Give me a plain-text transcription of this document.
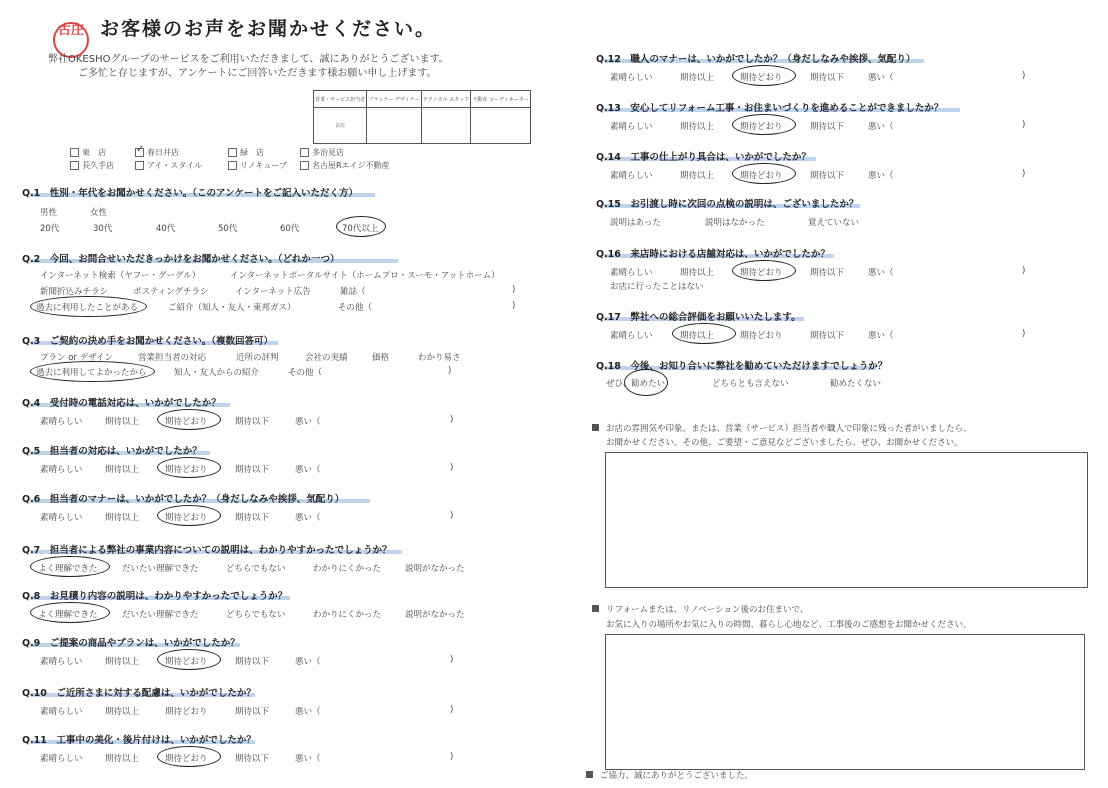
古庄 お客様のお声をお聞かせください。
弊社OKESHOグループのサービスをご利用いただきまして、誠にありがとうございます。
ご多忙と存じますが、アンケートにご回答いただきます様お願い申し上げます。
営業・サービス担当者	プランナー デザイナー	テクニカル スタッフ	不動産 コーディネーター
古庄			
東　店	✓ 春日井店	緑　店	多治見店
長久手店	アイ・スタイル	リノキューブ	名古屋Rエイジ不動産
Q.1　性別・年代をお聞かせください。（このアンケートをご記入いただく方）
男性	女性
20代	30代	40代	50代	60代	70代以上
Q.2　今回、お問合せいただきっかけをお聞かせください。（どれか一つ）
インターネット検索（ヤフー・グーグル）	インターネットポータルサイト（ホームプロ・スーモ・アットホーム）
新聞折込みチラシ	ポスティングチラシ	インターネット広告	雑誌（	)
過去に利用したことがある	ご紹介（知人・友人・東邦ガス）	その他（	)
Q.3　ご契約の決め手をお聞かせください。（複数回答可）
プラン or デザイン	営業担当者の対応	近所の評判	会社の実績	価格	わかり易さ
過去に利用してよかったから	知人・友人からの紹介	その他（	)
Q.4　受付時の電話対応は、いかがでしたか？
素晴らしい	期待以上	期待どおり	期待以下	悪い（	)
Q.5　担当者の対応は、いかがでしたか？
素晴らしい	期待以上	期待どおり	期待以下	悪い（	)
Q.6　担当者のマナーは、いかがでしたか？（身だしなみや挨拶、気配り）
素晴らしい	期待以上	期待どおり	期待以下	悪い（	)
Q.9　ご提案の商品やプランは、いかがでしたか？
素晴らしい	期待以上	期待どおり	期待以下	悪い（	)
Q.10　ご近所さまに対する配慮は、いかがでしたか？
素晴らしい	期待以上	期待どおり	期待以下	悪い（	)
Q.11　工事中の美化・後片付けは、いかがでしたか？
素晴らしい	期待以上	期待どおり	期待以下	悪い（	)
Q.7　担当者による弊社の事業内容についての説明は、わかりやすかったでしょうか？
よく理解できた	だいたい理解できた	どちらでもない	わかりにくかった	説明がなかった
Q.8　お見積り内容の説明は、わかりやすかったでしょうか？
よく理解できた	だいたい理解できた	どちらでもない	わかりにくかった	説明がなかった
Q.12　職人のマナーは、いかがでしたか？（身だしなみや挨拶、気配り）
素晴らしい	期待以上	期待どおり	期待以下	悪い（	)
Q.13　安心してリフォーム工事・お住まいづくりを進めることができましたか？
素晴らしい	期待以上	期待どおり	期待以下	悪い（	)
Q.14　工事の仕上がり具合は、いかがでしたか？
素晴らしい	期待以上	期待どおり	期待以下	悪い（	)
Q.16　来店時における店舗対応は、いかがでしたか？
素晴らしい	期待以上	期待どおり	期待以下	悪い（	)
Q.17　弊社への総合評価をお願いいたします。
素晴らしい	期待以上	期待どおり	期待以下	悪い（	)
Q.15　お引渡し時に次回の点検の説明は、ございましたか？
説明はあった	説明はなかった	覚えていない
お店に行ったことはない
Q.18　今後、お知り合いに弊社を勧めていただけますでしょうか？
ぜひ、勧めたい	どちらとも言えない	勧めたくない
お店の雰囲気や印象。または、営業（サービス）担当者や職人で印象に残った者がいましたら、
お聞かせください。その他、ご要望・ご意見などございましたら、ぜひ、お聞かせください。
リフォームまたは、リノベーション後のお住まいで、
お気に入りの場所やお気に入りの時間、暮らし心地など、工事後のご感想をお聞かせください。
ご協力、誠にありがとうございました。
